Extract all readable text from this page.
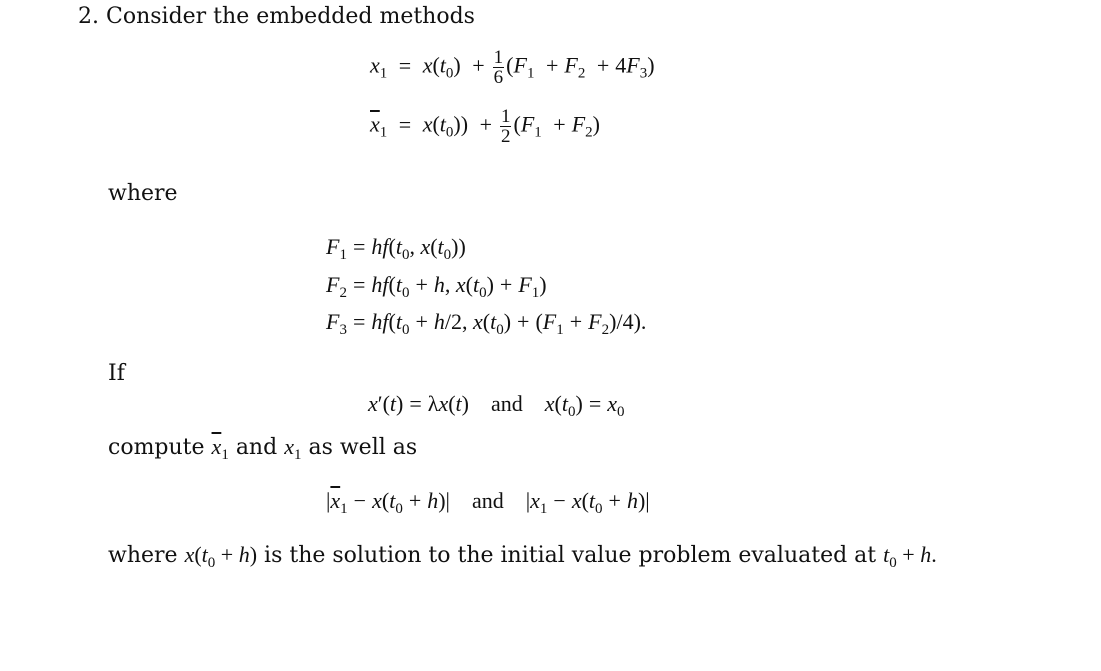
2. Consider the embedded methods
$x_1 = x(t_0) + \frac{1}{6} (F_1 + F_2 + 4F_3)$
$\overline{x}_1 = x(t_0)) + \frac{1}{2} (F_1 + F_2)$
where
$F_1 = hf(t_0$, $x(t_0)$)
$F_2 = hf(t_0 + h$, $x(t_0) + F_1$)
$F_3 = hf(t_0 + h/2$, $x(t_0) + (F_1 + F_2)/4$).
If
x′(t) = λx(t) and $x(t_0) = x_0$
compute $\overline{x}_1$ and $x_1$ as well as
$|\overline{x}_1 - x(t_0 + h)|$ and $|x_1 - x(t_0 + h)|$
where $x(t_0 + h)$ is the solution to the initial value problem evaluated at $t_0 + h$.
